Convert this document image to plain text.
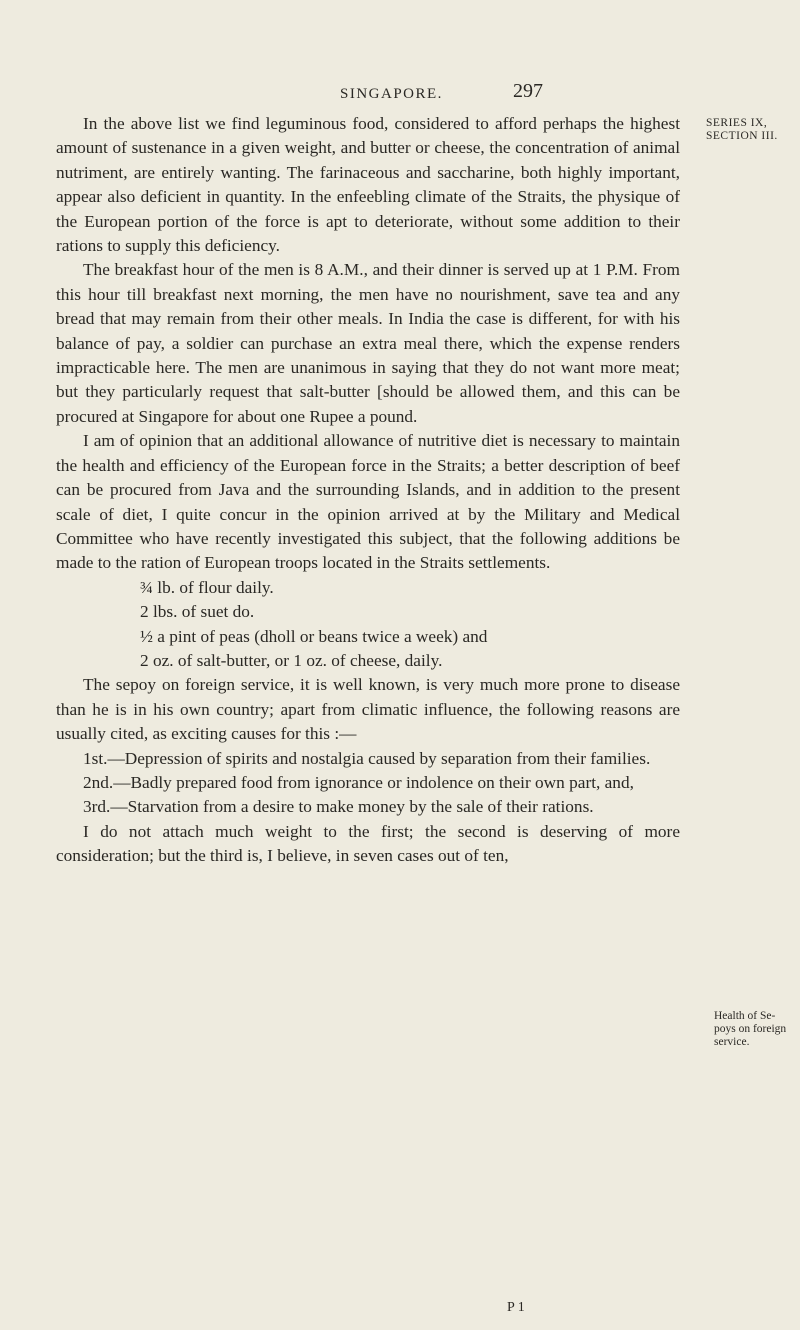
SINGAPORE.	297

In the above list we find leguminous food, considered to afford perhaps the highest amount of sustenance in a given weight, and butter or cheese, the concentration of animal nutriment, are entirely wanting. The farinaceous and saccharine, both highly important, appear also deficient in quantity. In the enfeebling climate of the Straits, the physique of the European portion of the force is apt to deteriorate, without some addition to their rations to supply this deficiency.

The breakfast hour of the men is 8 A.M., and their dinner is served up at 1 P.M. From this hour till breakfast next morning, the men have no nourishment, save tea and any bread that may remain from their other meals. In India the case is different, for with his balance of pay, a soldier can purchase an extra meal there, which the expense renders impracticable here. The men are unanimous in saying that they do not want more meat; but they particularly request that salt-butter [should be allowed them, and this can be procured at Singapore for about one Rupee a pound.

I am of opinion that an additional allowance of nutritive diet is necessary to maintain the health and efficiency of the European force in the Straits; a better description of beef can be procured from Java and the surrounding Islands, and in addition to the present scale of diet, I quite concur in the opinion arrived at by the Military and Medical Committee who have recently investigated this subject, that the following additions be made to the ration of European troops located in the Straits settlements.

¾ lb. of flour daily.
2 lbs. of suet do.
½ a pint of peas (dholl or beans twice a week) and
2 oz. of salt-butter, or 1 oz. of cheese, daily.

The sepoy on foreign service, it is well known, is very much more prone to disease than he is in his own country; apart from climatic influence, the following reasons are usually cited, as exciting causes for this :—

1st.—Depression of spirits and nostalgia caused by separation from their families.

2nd.—Badly prepared food from ignorance or indolence on their own part, and,

3rd.—Starvation from a desire to make money by the sale of their rations.

I do not attach much weight to the first; the second is deserving of more consideration; but the third is, I believe, in seven cases out of ten,

SERIES IX,
SECTION III.
Health of Se-
poys on foreign
service.
P 1
